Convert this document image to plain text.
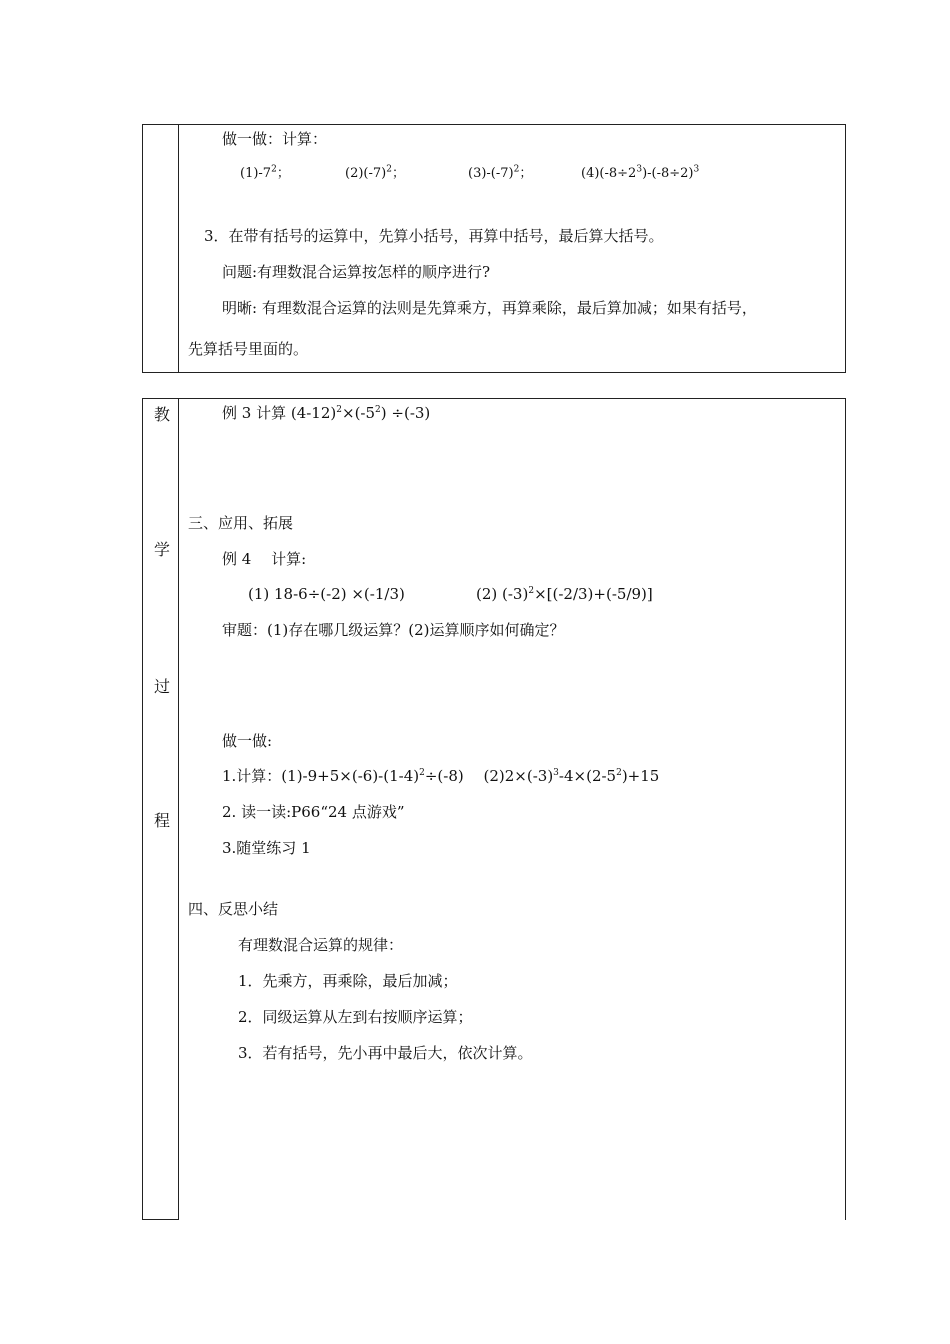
做一做：计算：
$(1)-7^2$；	$(2)(-7)^2$；	$(3)-(-7)^2$；	$(4)(-8\div 2^3)-(-8\div 2)^3$
3．在带有括号的运算中，先算小括号，再算中括号，最后算大括号。
问题:有理数混合运算按怎样的顺序进行?
明晰: 有理数混合运算的法则是先算乘方，再算乘除，最后算加减；如果有括号，
先算括号里面的。
教
学
过
程
例 3 计算 $(4-12)^2\times(-5^2) \div(-3)$
三、应用、拓展
例 4　 计算:
(1) 18-6÷(-2) ×(-1/3)	(2) $(-3)^2\times[(-2/3)+(-5/9)]$
审题：(1)存在哪几级运算？(2)运算顺序如何确定？
做一做:
1.计算：$(1)-9+5\times(-6)-(1-4)^2\div(-8)$　 $(2)2\times(-3)^3-4\times(2-5^2)+15$
2. 读一读:P66“24 点游戏”
3.随堂练习 1
四、反思小结
有理数混合运算的规律：
1．先乘方，再乘除，最后加减；
2．同级运算从左到右按顺序运算；
3．若有括号，先小再中最后大，依次计算。
